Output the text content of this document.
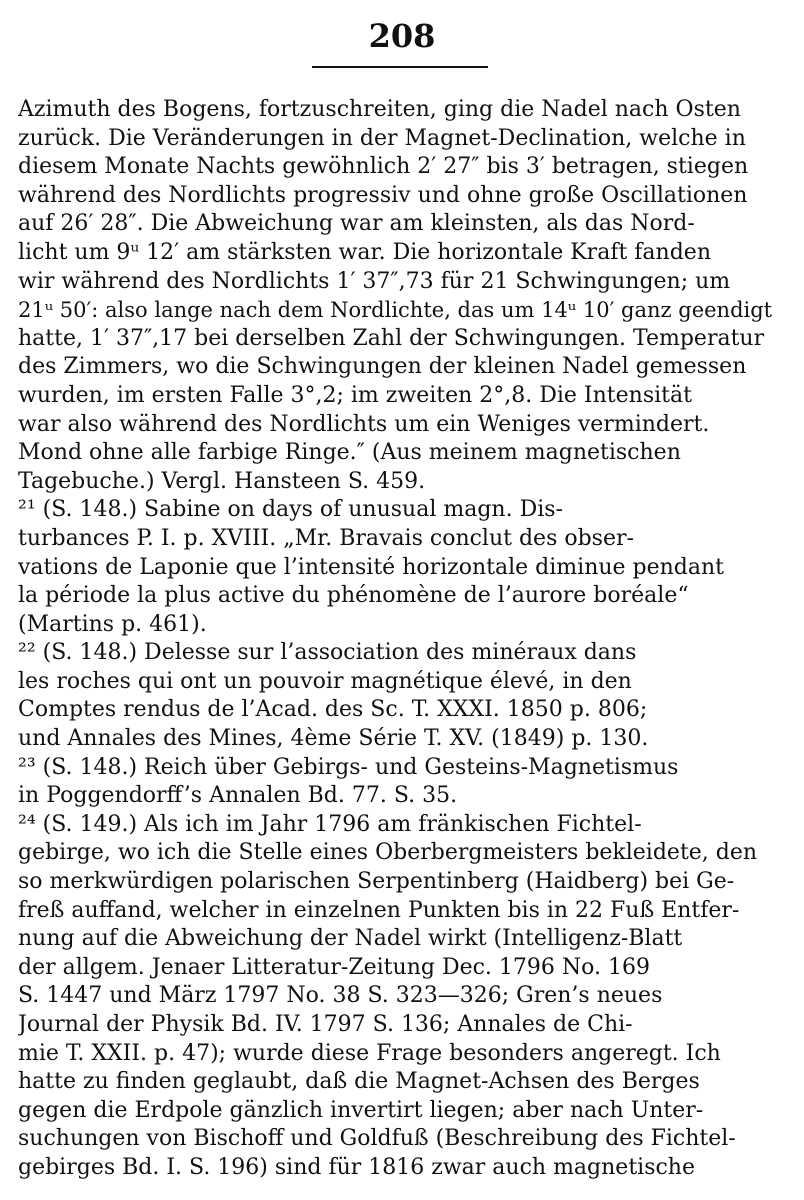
208
Azimuth des Bogens, fortzuschreiten, ging die Nadel nach Osten
zurück. Die Veränderungen in der Magnet-Declination, welche in
diesem Monate Nachts gewöhnlich 2′ 27″ bis 3′ betragen, stiegen
während des Nordlichts progressiv und ohne große Oscillationen
auf 26′ 28″. Die Abweichung war am kleinsten, als das Nord-
licht um 9ᵘ 12′ am stärksten war. Die horizontale Kraft fanden
wir während des Nordlichts 1′ 37″,73 für 21 Schwingungen; um
21ᵘ 50′: also lange nach dem Nordlichte, das um 14ᵘ 10′ ganz geendigt
hatte, 1′ 37″,17 bei derselben Zahl der Schwingungen. Temperatur
des Zimmers, wo die Schwingungen der kleinen Nadel gemessen
wurden, im ersten Falle 3°,2; im zweiten 2°,8. Die Intensität
war also während des Nordlichts um ein Weniges vermindert.
Mond ohne alle farbige Ringe.″ (Aus meinem magnetischen
Tagebuche.) Vergl. Hansteen S. 459.
²¹ (S. 148.) Sabine on days of unusual magn. Dis-
turbances P. I. p. XVIII. „Mr. Bravais conclut des obser-
vations de Laponie que l’intensité horizontale diminue pendant
la période la plus active du phénomène de l’aurore boréale“
(Martins p. 461).
²² (S. 148.) Delesse sur l’association des minéraux dans
les roches qui ont un pouvoir magnétique élevé, in den
Comptes rendus de l’Acad. des Sc. T. XXXI. 1850 p. 806;
und Annales des Mines, 4ème Série T. XV. (1849) p. 130.
²³ (S. 148.) Reich über Gebirgs- und Gesteins-Magnetismus
in Poggendorff’s Annalen Bd. 77. S. 35.
²⁴ (S. 149.) Als ich im Jahr 1796 am fränkischen Fichtel-
gebirge, wo ich die Stelle eines Oberbergmeisters bekleidete, den
so merkwürdigen polarischen Serpentinberg (Haidberg) bei Ge-
freß auffand, welcher in einzelnen Punkten bis in 22 Fuß Entfer-
nung auf die Abweichung der Nadel wirkt (Intelligenz-Blatt
der allgem. Jenaer Litteratur-Zeitung Dec. 1796 No. 169
S. 1447 und März 1797 No. 38 S. 323—326; Gren’s neues
Journal der Physik Bd. IV. 1797 S. 136; Annales de Chi-
mie T. XXII. p. 47); wurde diese Frage besonders angeregt. Ich
hatte zu finden geglaubt, daß die Magnet-Achsen des Berges
gegen die Erdpole gänzlich invertirt liegen; aber nach Unter-
suchungen von Bischoff und Goldfuß (Beschreibung des Fichtel-
gebirges Bd. I. S. 196) sind für 1816 zwar auch magnetische
